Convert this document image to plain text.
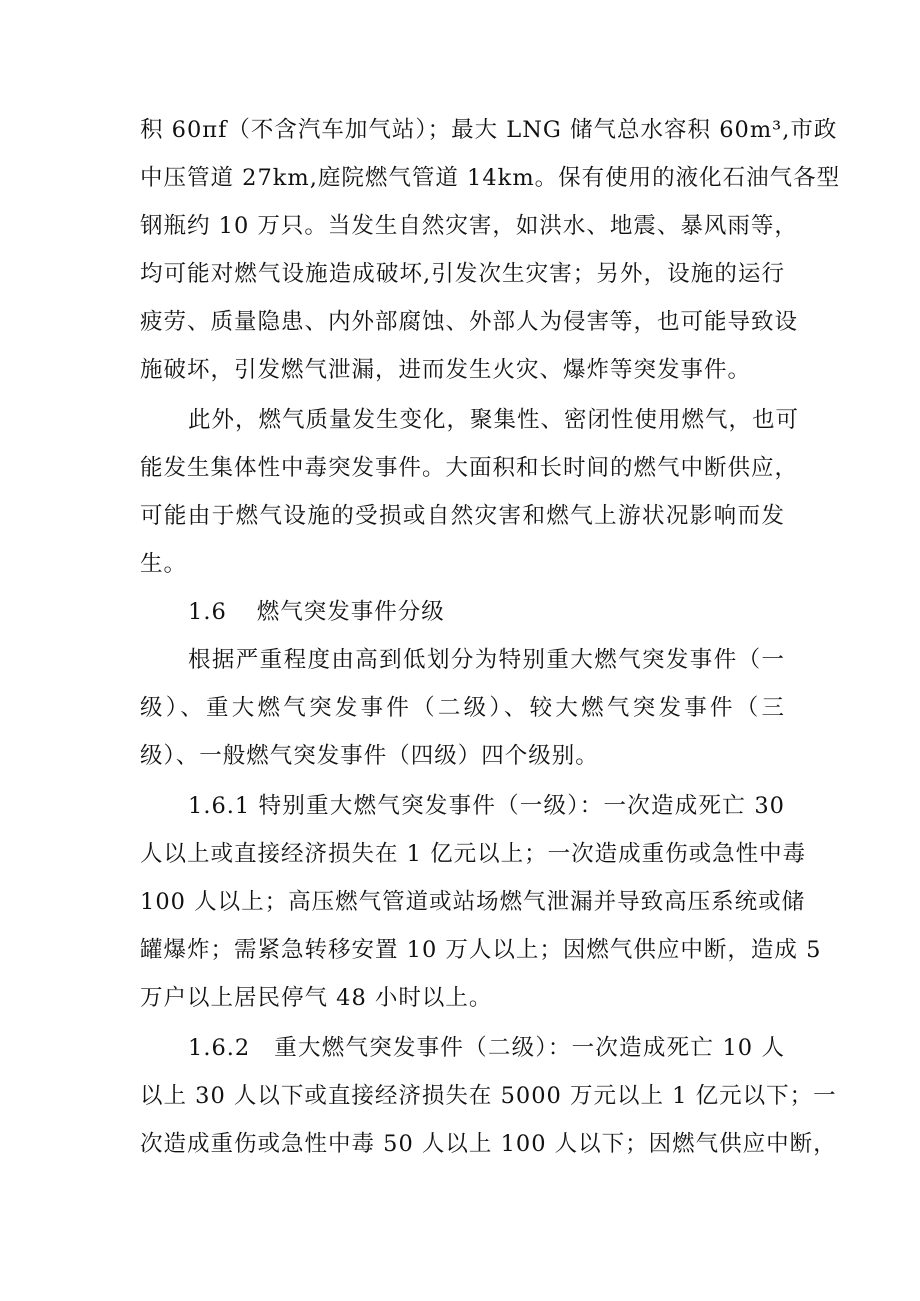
积 60πf（不含汽车加气站）；最大 LNG 储气总水容积 60m³,市政
中压管道 27km,庭院燃气管道 14km。保有使用的液化石油气各型
钢瓶约 10 万只。当发生自然灾害，如洪水、地震、暴风雨等，
均可能对燃气设施造成破坏,引发次生灾害；另外，设施的运行
疲劳、质量隐患、内外部腐蚀、外部人为侵害等，也可能导致设
施破坏，引发燃气泄漏，进而发生火灾、爆炸等突发事件。
此外，燃气质量发生变化，聚集性、密闭性使用燃气，也可
能发生集体性中毒突发事件。大面积和长时间的燃气中断供应，
可能由于燃气设施的受损或自然灾害和燃气上游状况影响而发
生。
1.6 燃气突发事件分级
根据严重程度由高到低划分为特别重大燃气突发事件（一
级）、重大燃气突发事件（二级）、较大燃气突发事件（三
级）、一般燃气突发事件（四级）四个级别。
1.6.1 特别重大燃气突发事件（一级）：一次造成死亡 30
人以上或直接经济损失在 1 亿元以上；一次造成重伤或急性中毒
100 人以上；高压燃气管道或站场燃气泄漏并导致高压系统或储
罐爆炸；需紧急转移安置 10 万人以上；因燃气供应中断，造成 5
万户以上居民停气 48 小时以上。
1.6.2　重大燃气突发事件（二级）：一次造成死亡 10 人
以上 30 人以下或直接经济损失在 5000 万元以上 1 亿元以下；一
次造成重伤或急性中毒 50 人以上 100 人以下；因燃气供应中断，
